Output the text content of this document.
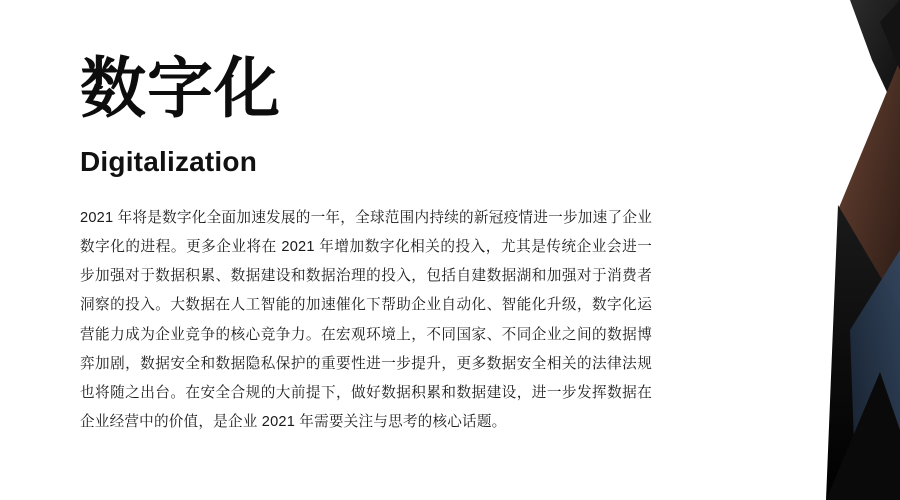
数字化
Digitalization

2021 年将是数字化全面加速发展的一年，全球范围内持续的新冠疫情进一步加速了企业数字化的进程。更多企业将在 2021 年增加数字化相关的投入，尤其是传统企业会进一步加强对于数据积累、数据建设和数据治理的投入，包括自建数据湖和加强对于消费者洞察的投入。大数据在人工智能的加速催化下帮助企业自动化、智能化升级，数字化运营能力成为企业竞争的核心竞争力。在宏观环境上，不同国家、不同企业之间的数据博弈加剧，数据安全和数据隐私保护的重要性进一步提升，更多数据安全相关的法律法规也将随之出台。在安全合规的大前提下，做好数据积累和数据建设，进一步发挥数据在企业经营中的价值，是企业 2021 年需要关注与思考的核心话题。
